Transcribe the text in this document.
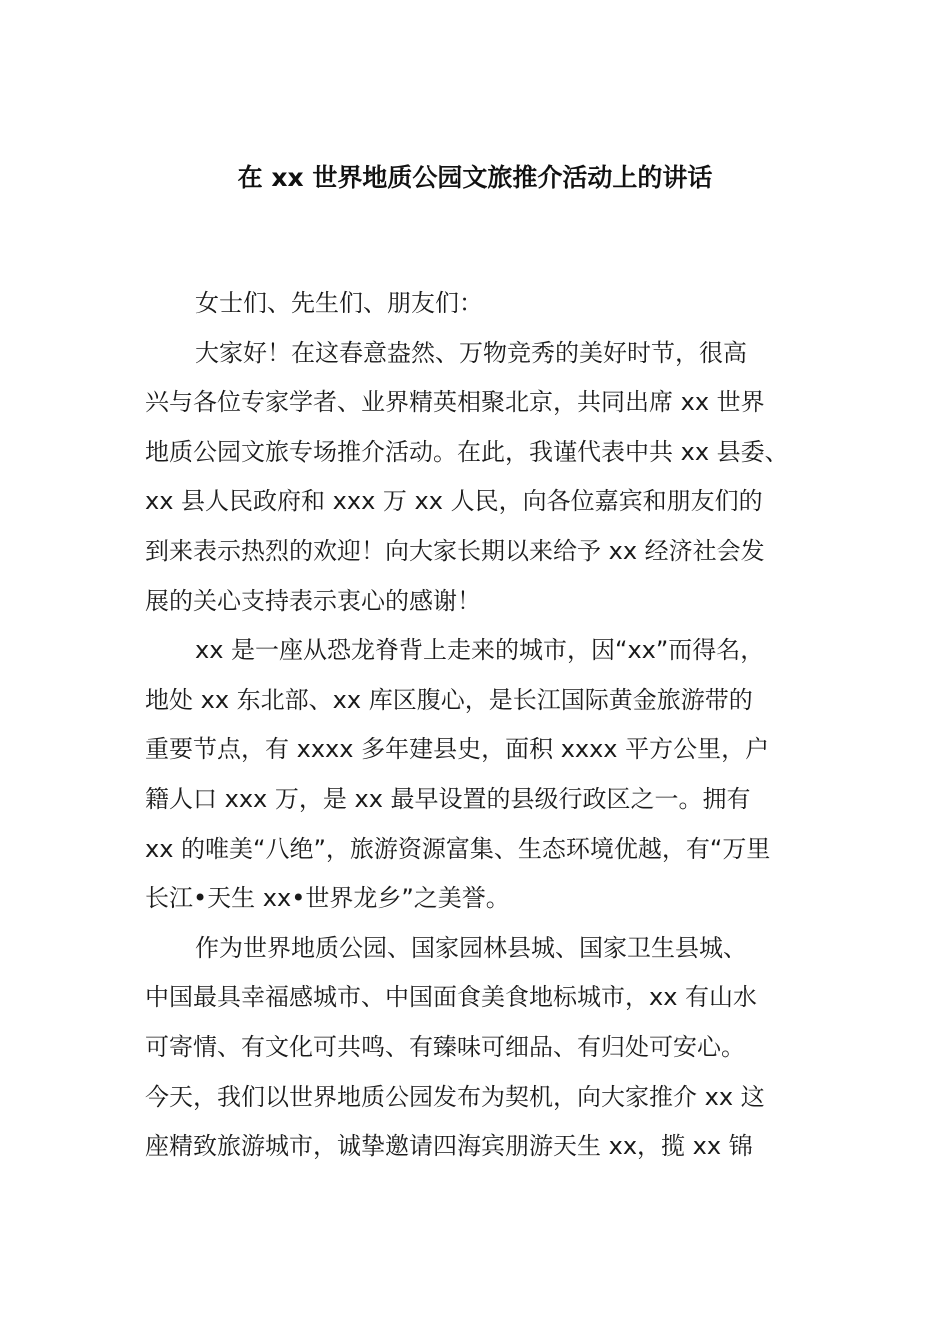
在 xx 世界地质公园文旅推介活动上的讲话
女士们、先生们、朋友们：
大家好！在这春意盎然、万物竞秀的美好时节，很高
兴与各位专家学者、业界精英相聚北京，共同出席 xx 世界
地质公园文旅专场推介活动。在此，我谨代表中共 xx 县委、
xx 县人民政府和 xxx 万 xx 人民，向各位嘉宾和朋友们的
到来表示热烈的欢迎！向大家长期以来给予 xx 经济社会发
展的关心支持表示衷心的感谢！
xx 是一座从恐龙脊背上走来的城市，因“xx”而得名，
地处 xx 东北部、xx 库区腹心，是长江国际黄金旅游带的
重要节点，有 xxxx 多年建县史，面积 xxxx 平方公里，户
籍人口 xxx 万，是 xx 最早设置的县级行政区之一。拥有
xx 的唯美“八绝”，旅游资源富集、生态环境优越，有“万里
长江•天生 xx•世界龙乡”之美誉。
作为世界地质公园、国家园林县城、国家卫生县城、
中国最具幸福感城市、中国面食美食地标城市，xx 有山水
可寄情、有文化可共鸣、有臻味可细品、有归处可安心。
今天，我们以世界地质公园发布为契机，向大家推介 xx 这
座精致旅游城市，诚挚邀请四海宾朋游天生 xx，揽 xx 锦
